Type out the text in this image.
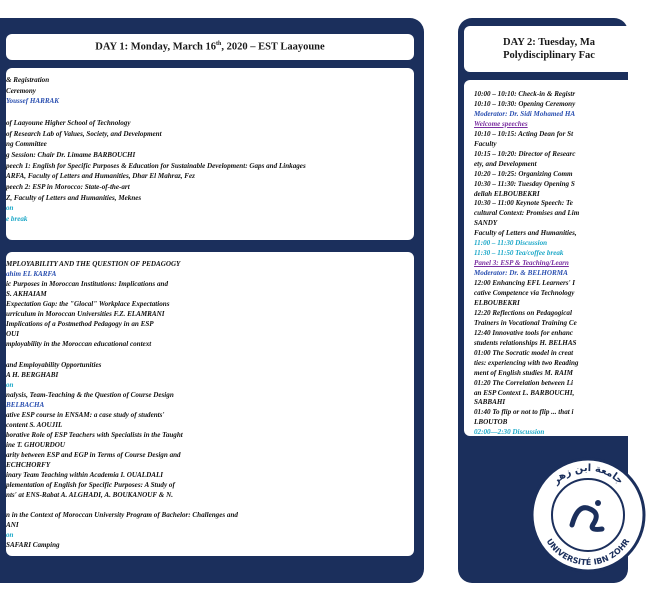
DAY 1: Monday, March 16th, 2020 – EST Laayoune
& Registration
Ceremony
Youssef HARRAK
of Laayoune Higher School of Technology
of Research Lab of Values, Society, and Development
ng Committee
g Session: Chair Dr. Limame BARBOUCHI
peech 1: English for Specific Purposes & Education for Sustainable Development: Gaps and Linkages
ARFA, Faculty of Letters and Humanities, Dhar El Mahraz, Fez
peech 2: ESP in Morocco: State-of-the-art
Z, Faculty of Letters and Humanities, Meknes
on
e break
MPLOYABILITY AND THE QUESTION OF PEDAGOGY
ahim EL KARFA
ic Purposes in Moroccan Institutions: Implications and
S. AKHAIAM
Expectation Gap: the "Glocal" Workplace Expectations
urriculum in Moroccan Universities F.Z. ELAMRANI
Implications of a Postmethod Pedagogy in an ESP
OUI
mployability in the Moroccan educational context
and Employability Opportunities
A H. BERGHABI
on
nalysis, Team-Teaching & the Question of Course Design
BELBACHA
ative ESP course in ENSAM: a case study of students'
content S. AOUJIL
borative Role of ESP Teachers with Specialists in the Taught
ine T. GHOURDOU
arity between ESP and EGP in Terms of Course Design and
ECHCHORFY
inary Team Teaching within Academia I. OUALDALI
plementation of English for Specific Purposes: A Study of
nts' at ENS-Rabat A. ALGHADI, A. BOUKANOUF & N.
n in the Context of Moroccan University Program of Bachelor: Challenges and
ANI
on
SAFARI Camping
DAY 2: Tuesday, Ma
Polydisciplinary Fac
10:00 – 10:10: Check-in & Registr
10:10 – 10:30: Opening Ceremony
Moderator: Dr. Sidi Mohamed HA
Welcome speeches
10:10 – 10:15: Acting Dean for St
Faculty
10:15 – 10:20: Director of Researc
ety, and Development
10:20 – 10:25: Organizing Comm
10:30 – 11:30: Tuesday Opening S
dellah ELBOUBEKRI
10:30 – 11:00 Keynote Speech: Te
cultural Context: Promises and Lim
SANDY
Faculty of Letters and Humanities,
11:00 – 11:30 Discussion
11:30 – 11:50 Tea/coffee break
Panel 3: ESP & Teaching/Learn
Moderator: Dr. & BELHORMA
12:00 Enhancing EFL Learners' I
cative Competence via Technology
ELBOUBEKRI
12:20 Reflections on Pedagogical
Trainers in Vocational Training Ce
12:40 Innovative tools for enhanc
students relationships H. BELHAS
01:00 The Socratic model in creat
ties: experiencing with two Reading
ment of English studies M. RAIM
01:20 The Correlation between Li
an ESP Context L. BARBOUCHI,
SABBAHI
01:40 To flip or not to flip ... that i
LBOUTOB
02:00—2:30 Discussion
جامعة ابن زهر
UNIVERSITÉ IBN ZOHR
